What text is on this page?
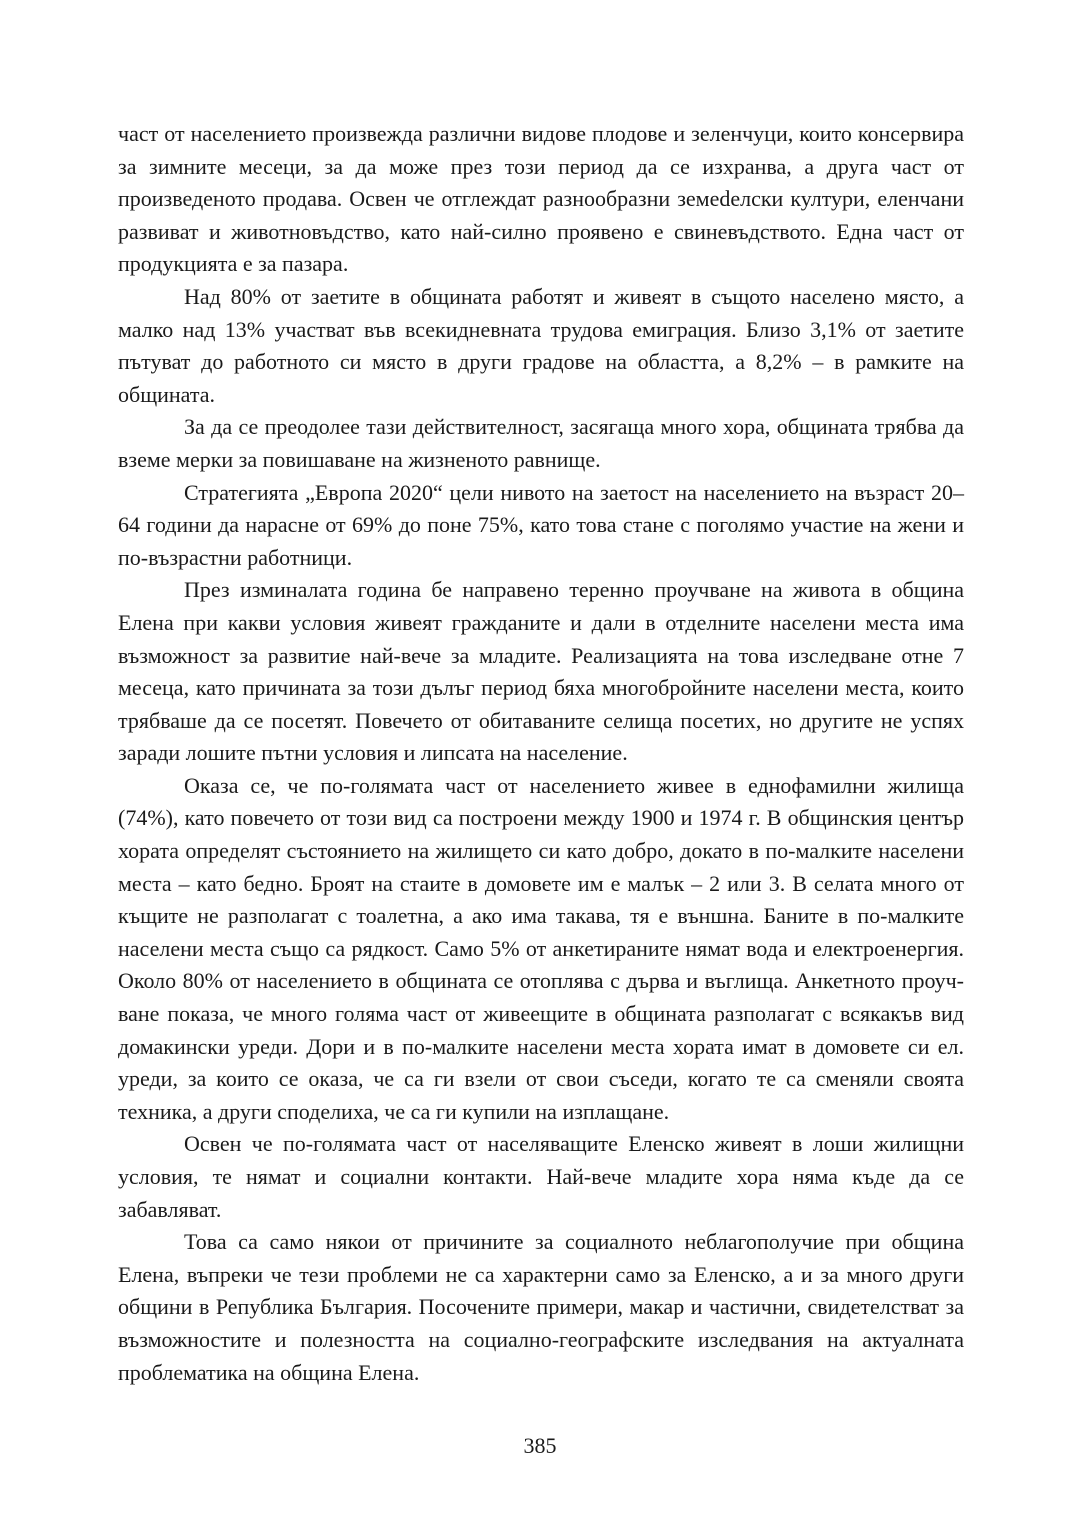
част от населението произвежда различни видове плодове и зеленчуци, които консервира за зимните месеци, за да може през този период да се изхранва, а друга част от произведеното продава. Освен че отглеждат разнообразни земеdелски култури, еленчани развиват и животновъдство, като най-силно проявено е свиневъдството. Една част от продукцията е за пазара.

Над 80% от заетите в общината работят и живеят в същото населено място, а малко над 13% участват във всекидневната трудова емиграция. Близо 3,1% от заетите пътуват до работното си място в други градове на областта, а 8,2% – в рамките на общината.

За да се преодолее тази действителност, засягаща много хора, общината трябва да вземе мерки за повишаване на жизненото равнище.

Стратегията „Европа 2020“ цели нивото на заетост на населението на възраст 20–64 години да нарасне от 69% до поне 75%, като това стане с поголямо участие на жени и по-възрастни работници.

През изминалата година бе направено теренно проучване на живота в община Елена при какви условия живеят гражданите и дали в отделните населени места има възможност за развитие най-вече за младите. Реализацията на това изследване отне 7 месеца, като причината за този дълъг период бяха многобройните населени места, които трябваше да се посетят. Повечето от обитаваните селища посетих, но другите не успях заради лошите пътни условия и липсата на население.

Оказа се, че по-голямата част от населението живее в еднофамилни жилища (74%), като повечето от този вид са построени между 1900 и 1974 г. В общинския център хората определят състоянието на жилището си като добро, докато в по-малките населени места – като бедно. Броят на стаите в домовете им е малък – 2 или 3. В селата много от къщите не разполагат с тоалетна, а ако има такава, тя е външна. Баните в по-малките населени места също са рядкост. Само 5% от анкетираните нямат вода и електроенергия. Около 80% от населението в общината се отоплява с дърва и въглища. Анкетното проучване показа, че много голяма част от живеещите в общината разполагат с всякакъв вид домакински уреди. Дори и в по-малките населени места хората имат в домовете си ел. уреди, за които се оказа, че са ги взели от свои съседи, когато те са сменяли своята техника, а други споделиха, че са ги купили на изплащане.

Освен че по-голямата част от населяващите Еленско живеят в лоши жилищни условия, те нямат и социални контакти. Най-вече младите хора няма къде да се забавляват.

Това са само някои от причините за социалното неблагополучие при община Елена, въпреки че тези проблеми не са характерни само за Еленско, а и за много други общини в Република България. Посочените примери, макар и частични, свидетелстват за възможностите и полезността на социално-географските изследвания на актуалната проблематика на община Елена.

385
